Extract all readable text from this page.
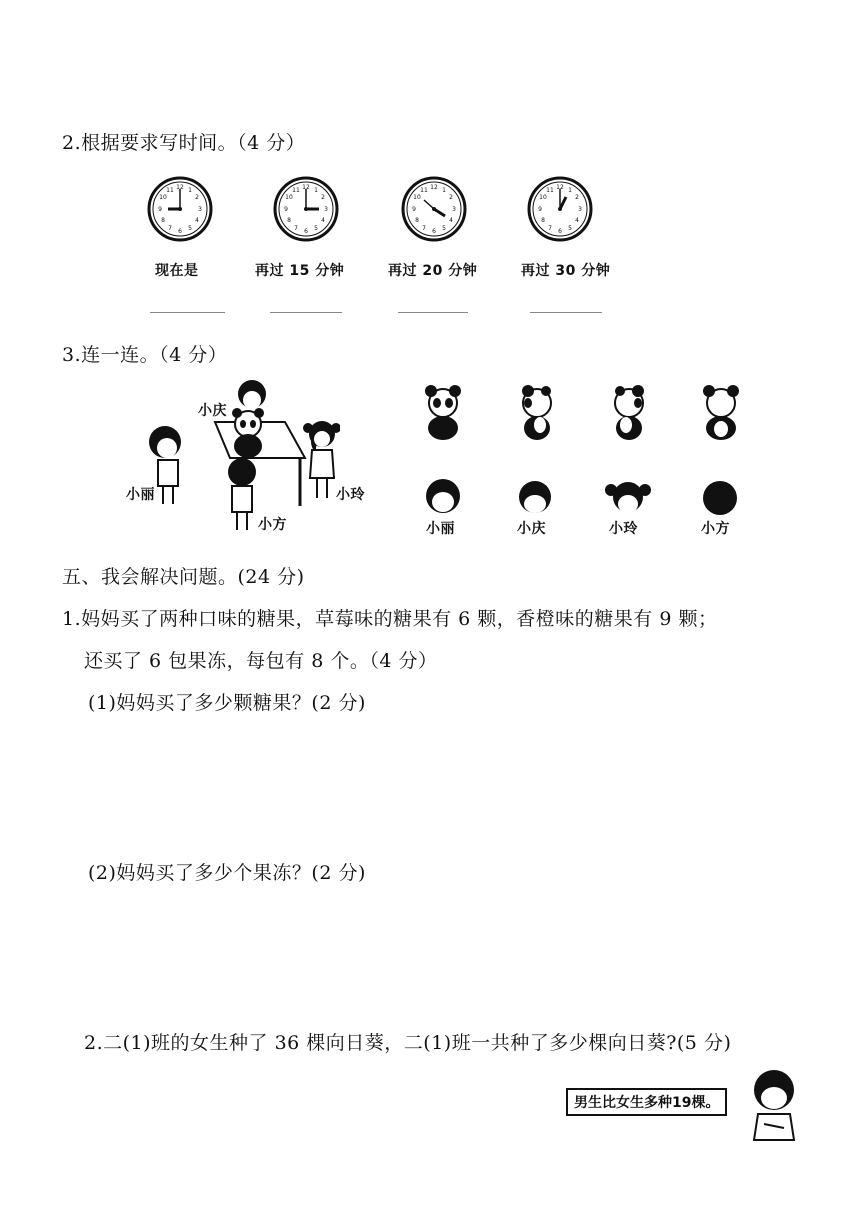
2.根据要求写时间。（4 分）
12 1
2
3
4
5
6
7
8
9
10
11	12 1
2
3
4
5
6
7
8
9
10
11	12 1
2
3
4
5
6
7
8
9
10
11	12 1
2
3
4
5
6
7
8
9
10
11
现在是	再过 15 分钟	再过 20 分钟	再过 30 分钟
3.连一连。（4 分）
小庆
小丽	小玲
小方	小丽	小庆	小玲	小方
五、我会解决问题。(24 分)
1.妈妈买了两种口味的糖果，草莓味的糖果有 6 颗，香橙味的糖果有 9 颗；
还买了 6 包果冻，每包有 8 个。（4 分）
(1)妈妈买了多少颗糖果？(2 分)
(2)妈妈买了多少个果冻？(2 分)
2.二(1)班的女生种了 36 棵向日葵，二(1)班一共种了多少棵向日葵?(5 分)
男生比女生多种19棵。
